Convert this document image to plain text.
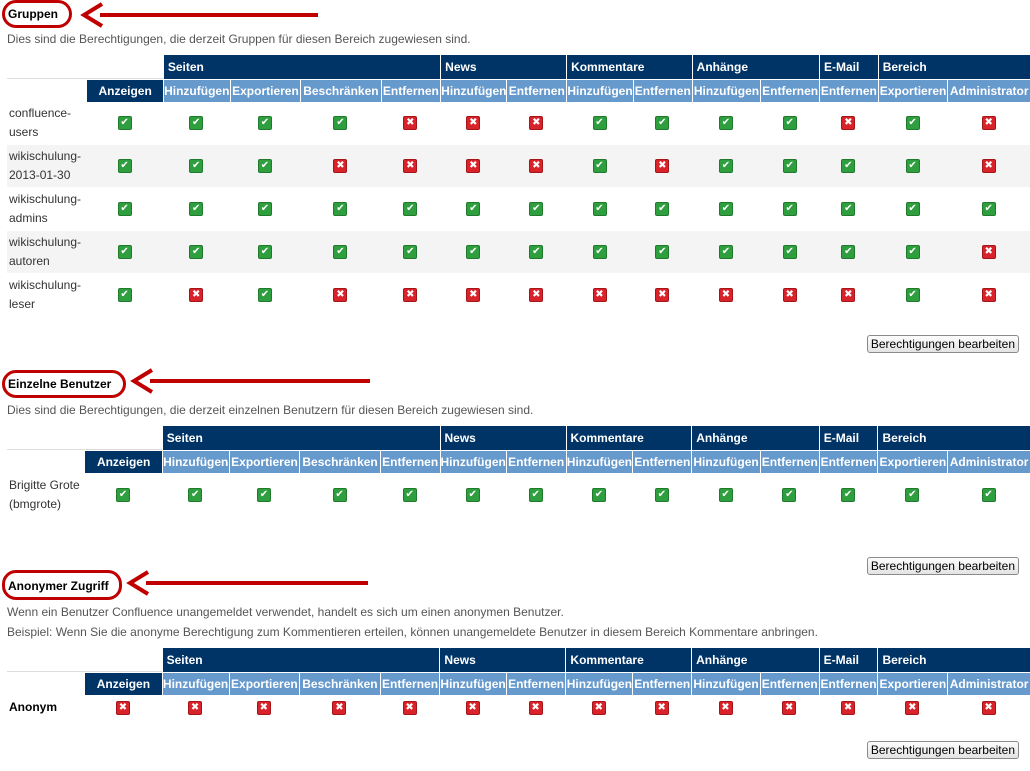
Gruppen
Dies sind die Berechtigungen, die derzeit Gruppen für diesen Bereich zugewiesen sind.
		Seiten				News		Kommentare		Anhänge		E-Mail	Bereich	
	Anzeigen	Hinzufügen	Exportieren	Beschränken	Entfernen	Hinzufügen	Entfernen	Hinzufügen	Entfernen	Hinzufügen	Entfernen	Entfernen	Exportieren	Administrator
confluence-users	✔	✔	✔	✔	✖	✖	✖	✔	✔	✔	✔	✖	✔	✖
wikischulung-2013-01-30	✔	✔	✔	✖	✖	✖	✖	✔	✖	✔	✔	✔	✔	✖
wikischulung-admins	✔	✔	✔	✔	✔	✔	✔	✔	✔	✔	✔	✔	✔	✔
wikischulung-autoren	✔	✔	✔	✔	✔	✔	✔	✔	✔	✔	✔	✔	✔	✖
wikischulung-leser	✔	✖	✔	✖	✖	✖	✖	✖	✖	✖	✖	✖	✔	✖
Berechtigungen bearbeiten
Einzelne Benutzer
Dies sind die Berechtigungen, die derzeit einzelnen Benutzern für diesen Bereich zugewiesen sind.
		Seiten				News		Kommentare		Anhänge		E-Mail	Bereich	
	Anzeigen	Hinzufügen	Exportieren	Beschränken	Entfernen	Hinzufügen	Entfernen	Hinzufügen	Entfernen	Hinzufügen	Entfernen	Entfernen	Exportieren	Administrator
Brigitte Grote (bmgrote)	✔	✔	✔	✔	✔	✔	✔	✔	✔	✔	✔	✔	✔	✔
Berechtigungen bearbeiten
Anonymer Zugriff
Wenn ein Benutzer Confluence unangemeldet verwendet, handelt es sich um einen anonymen Benutzer.
Beispiel: Wenn Sie die anonyme Berechtigung zum Kommentieren erteilen, können unangemeldete Benutzer in diesem Bereich Kommentare anbringen.
		Seiten				News		Kommentare		Anhänge		E-Mail	Bereich	
	Anzeigen	Hinzufügen	Exportieren	Beschränken	Entfernen	Hinzufügen	Entfernen	Hinzufügen	Entfernen	Hinzufügen	Entfernen	Entfernen	Exportieren	Administrator
Anonym	✖	✖	✖	✖	✖	✖	✖	✖	✖	✖	✖	✖	✖	✖
Berechtigungen bearbeiten
